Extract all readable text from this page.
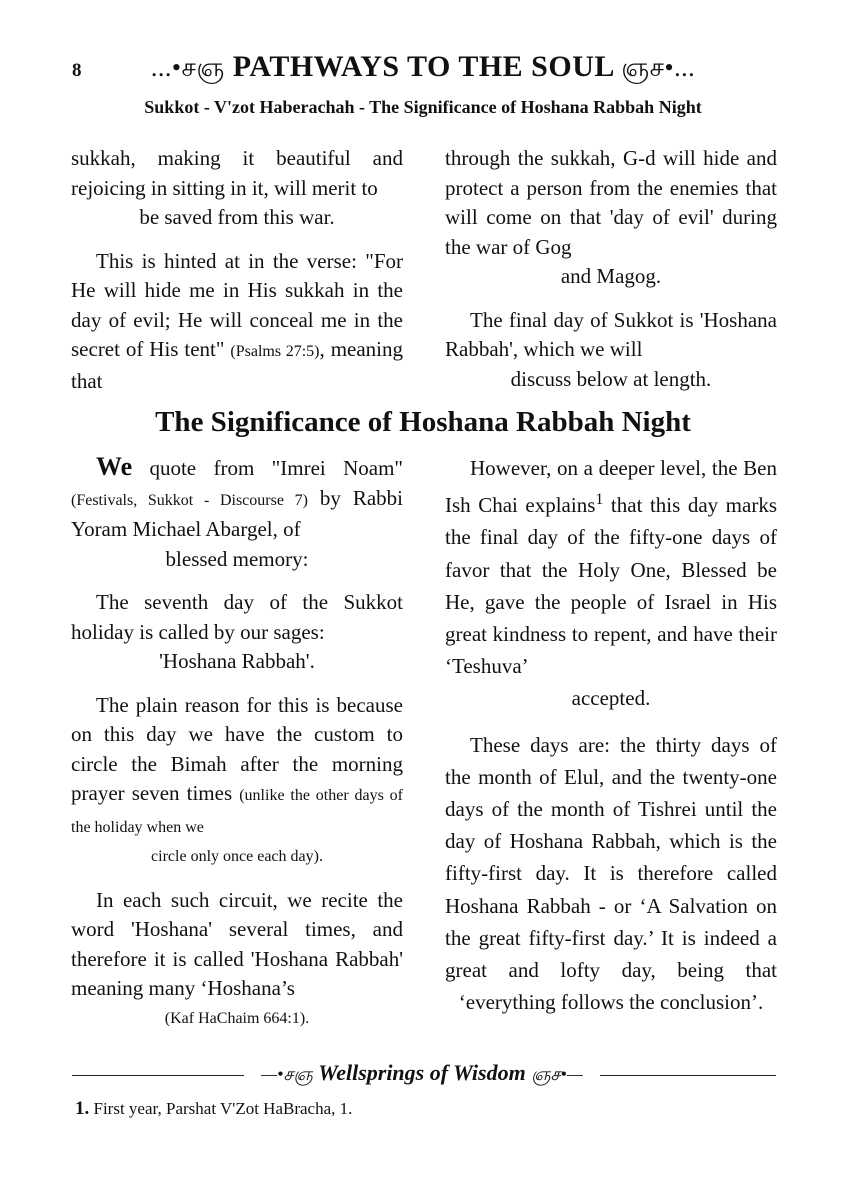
8	...•சஞ PATHWAYS TO THE SOUL ஞச•...
Sukkot - V'zot Haberachah - The Significance of Hoshana Rabbah Night

sukkah, making it beautiful and rejoicing in sitting in it, will merit to

be saved from this war.

This is hinted at in the verse: "For He will hide me in His sukkah in the day of evil; He will conceal me in the secret of His tent" (Psalms 27:5), meaning that

through the sukkah, G-d will hide and protect a person from the enemies that will come on that 'day of evil' during the war of Gog

and Magog.

The final day of Sukkot is 'Hoshana Rabbah', which we will

discuss below at length.

The Significance of Hoshana Rabbah Night

We quote from "Imrei Noam" (Festivals, Sukkot - Discourse 7) by Rabbi Yoram Michael Abargel, of

blessed memory:

The seventh day of the Sukkot holiday is called by our sages:

'Hoshana Rabbah'.

The plain reason for this is because on this day we have the custom to circle the Bimah after the morning prayer seven times (unlike the other days of the holiday when we

circle only once each day).

In each such circuit, we recite the word 'Hoshana' several times, and therefore it is called 'Hoshana Rabbah' meaning many ‘Hoshana’s

(Kaf HaChaim 664:1).

However, on a deeper level, the Ben Ish Chai explains$^1$ that this day marks the final day of the fifty-one days of favor that the Holy One, Blessed be He, gave the people of Israel in His great kindness to repent, and have their ‘Teshuva’

accepted.

These days are: the thirty days of the month of Elul, and the twenty-one days of the month of Tishrei until the day of Hoshana Rabbah, which is the fifty-first day. It is therefore called Hoshana Rabbah - or ‘A Salvation on the great fifty-first day.’ It is indeed a great and lofty day, being that ‘everything follows the conclusion’.

—•சஞ Wellsprings of Wisdom ஞச•—
1. First year, Parshat V'Zot HaBracha, 1.
